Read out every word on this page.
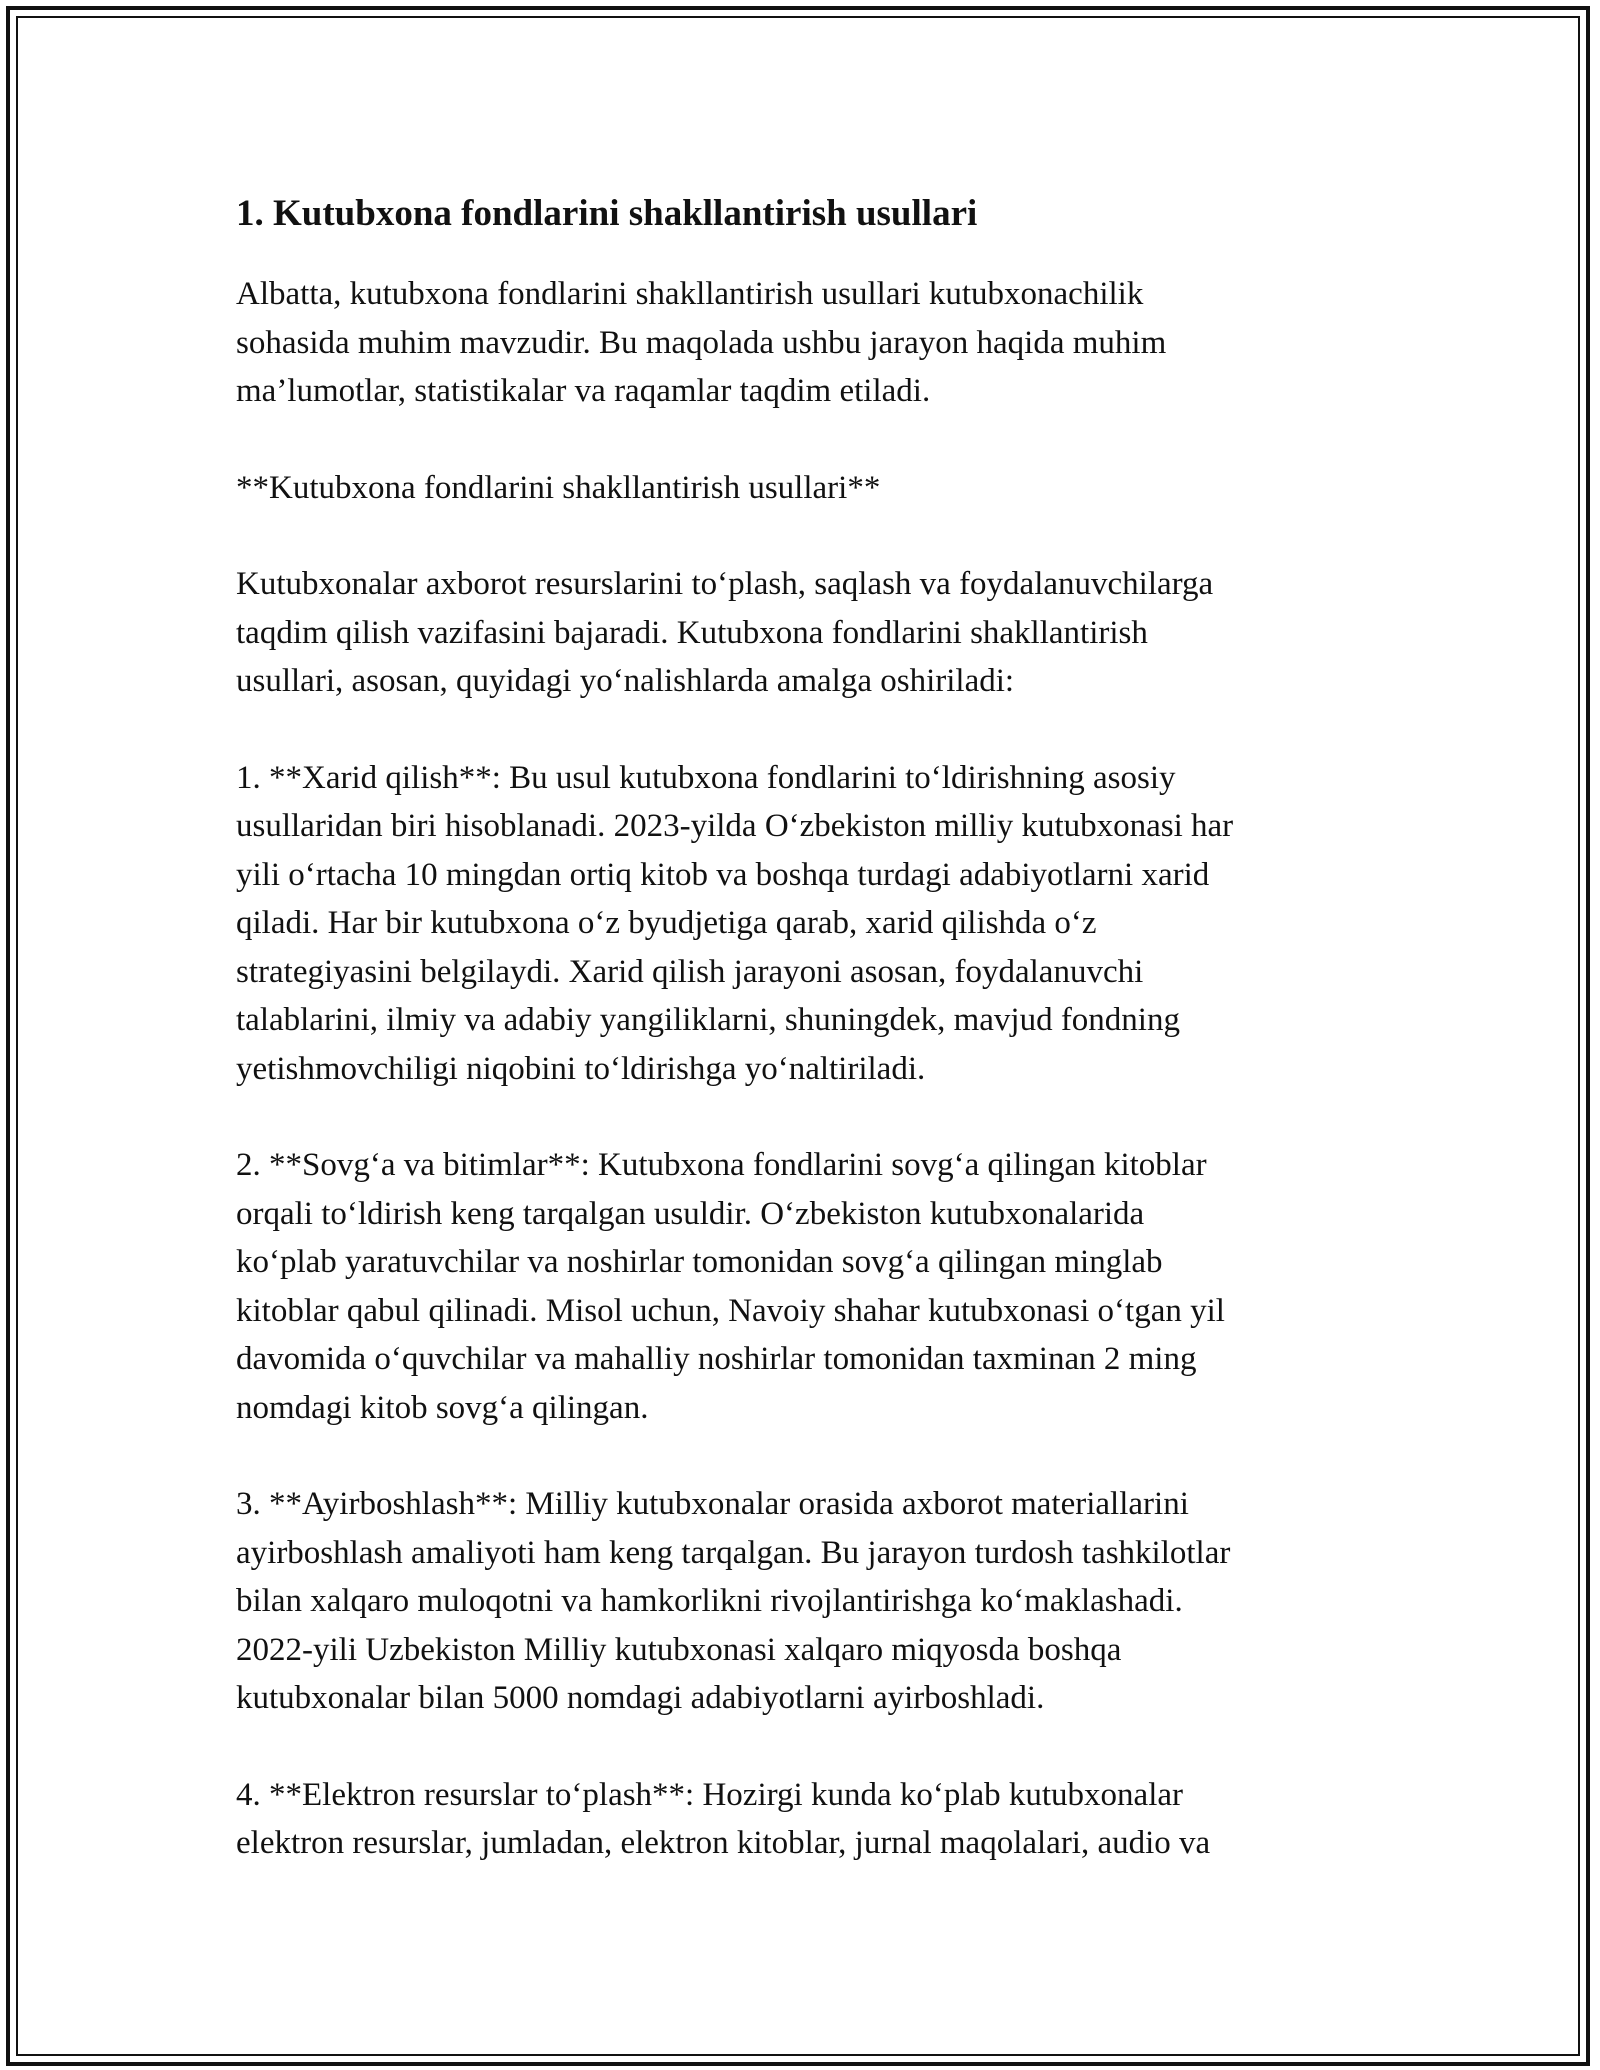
1. Kutubxona fondlarini shakllantirish usullari

Albatta, kutubxona fondlarini shakllantirish usullari kutubxonachilik
sohasida muhim mavzudir. Bu maqolada ushbu jarayon haqida muhim
ma’lumotlar, statistikalar va raqamlar taqdim etiladi.

**Kutubxona fondlarini shakllantirish usullari**

Kutubxonalar axborot resurslarini to‘plash, saqlash va foydalanuvchilarga
taqdim qilish vazifasini bajaradi. Kutubxona fondlarini shakllantirish
usullari, asosan, quyidagi yo‘nalishlarda amalga oshiriladi:

1. **Xarid qilish**: Bu usul kutubxona fondlarini to‘ldirishning asosiy
usullaridan biri hisoblanadi. 2023-yilda O‘zbekiston milliy kutubxonasi har
yili o‘rtacha 10 mingdan ortiq kitob va boshqa turdagi adabiyotlarni xarid
qiladi. Har bir kutubxona o‘z byudjetiga qarab, xarid qilishda o‘z
strategiyasini belgilaydi. Xarid qilish jarayoni asosan, foydalanuvchi
talablarini, ilmiy va adabiy yangiliklarni, shuningdek, mavjud fondning
yetishmovchiligi niqobini to‘ldirishga yo‘naltiriladi.

2. **Sovg‘a va bitimlar**: Kutubxona fondlarini sovg‘a qilingan kitoblar
orqali to‘ldirish keng tarqalgan usuldir. O‘zbekiston kutubxonalarida
ko‘plab yaratuvchilar va noshirlar tomonidan sovg‘a qilingan minglab
kitoblar qabul qilinadi. Misol uchun, Navoiy shahar kutubxonasi o‘tgan yil
davomida o‘quvchilar va mahalliy noshirlar tomonidan taxminan 2 ming
nomdagi kitob sovg‘a qilingan.

3. **Ayirboshlash**: Milliy kutubxonalar orasida axborot materiallarini
ayirboshlash amaliyoti ham keng tarqalgan. Bu jarayon turdosh tashkilotlar
bilan xalqaro muloqotni va hamkorlikni rivojlantirishga ko‘maklashadi.
2022-yili Uzbekiston Milliy kutubxonasi xalqaro miqyosda boshqa
kutubxonalar bilan 5000 nomdagi adabiyotlarni ayirboshladi.

4. **Elektron resurslar to‘plash**: Hozirgi kunda ko‘plab kutubxonalar
elektron resurslar, jumladan, elektron kitoblar, jurnal maqolalari, audio va
